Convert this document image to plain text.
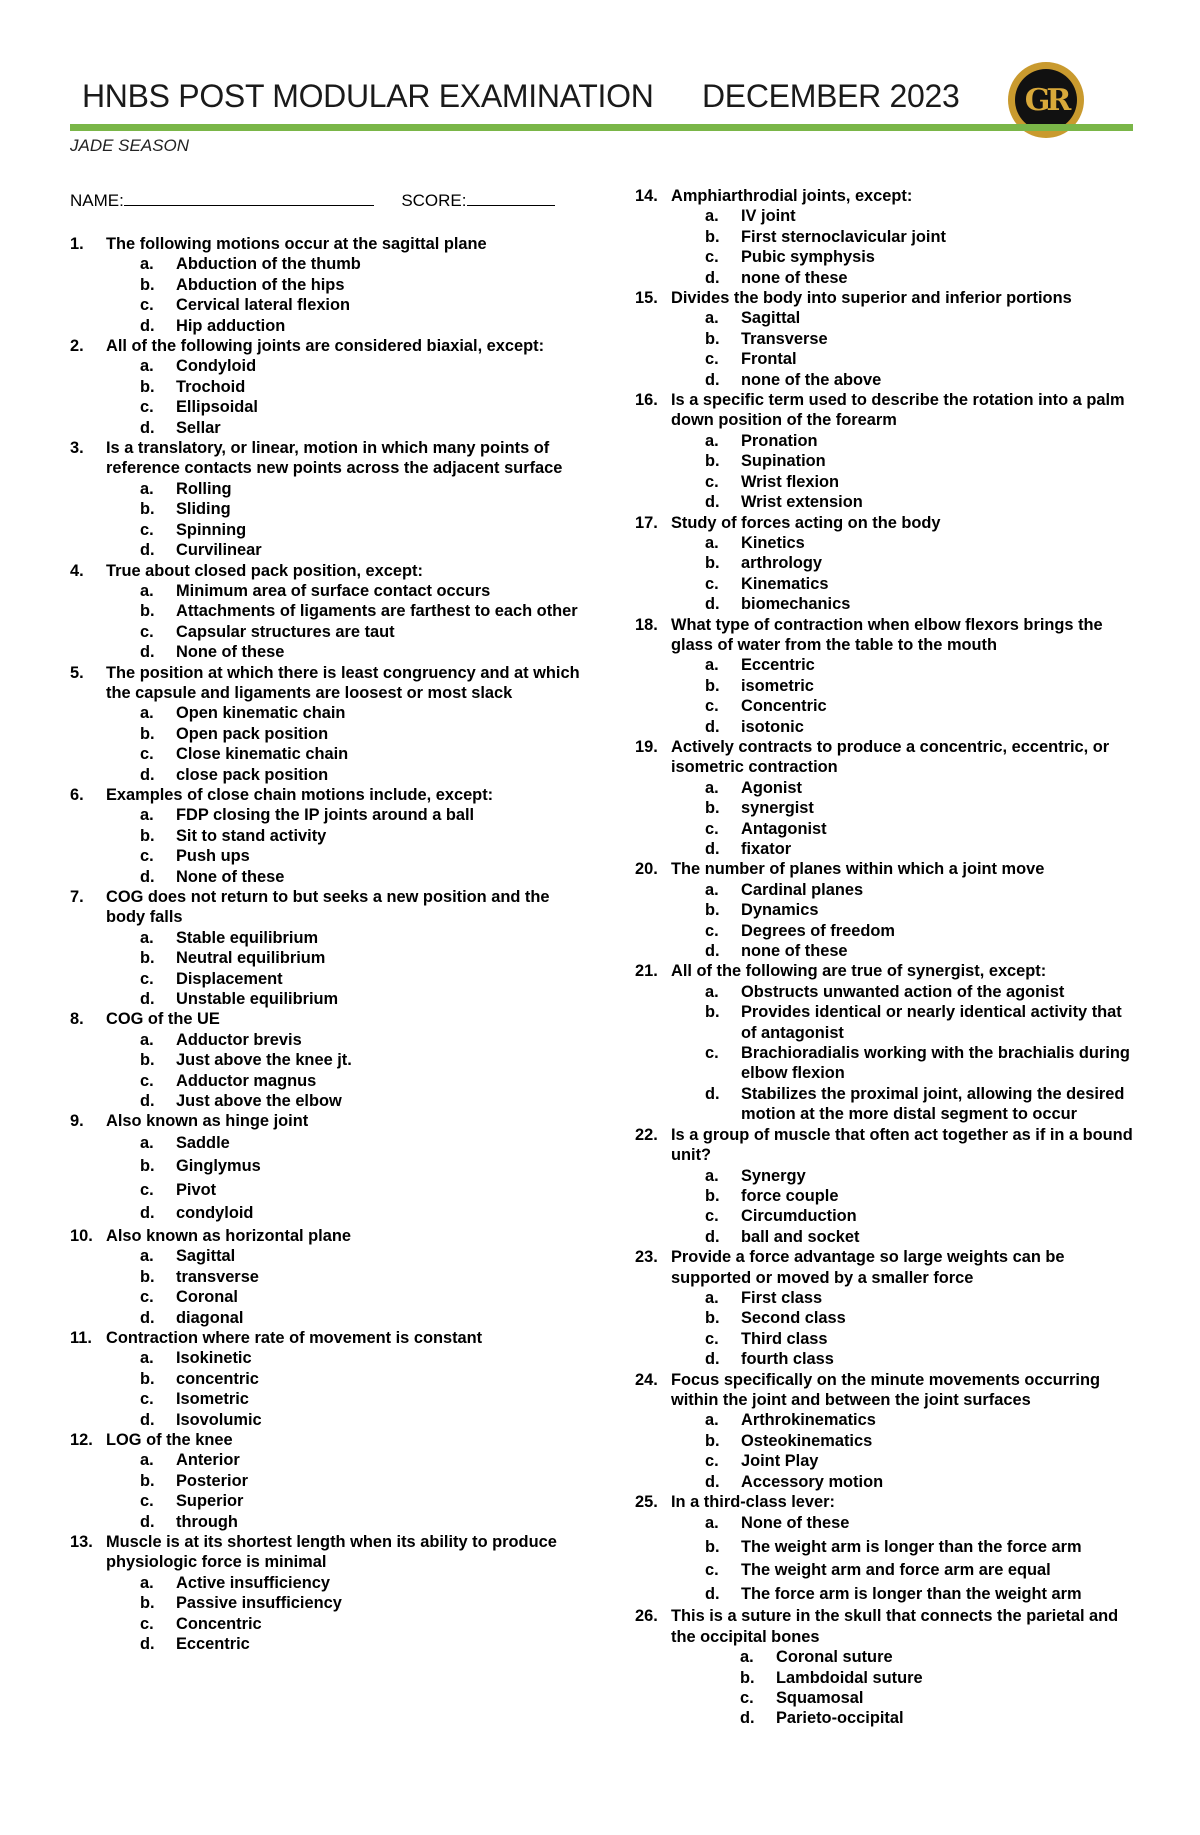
HNBS POST MODULAR EXAMINATION DECEMBER 2023	GR
JADE SEASON
NAME:	SCORE:
1.	The following motions occur at the sagittal plane
a.	Abduction of the thumb
b.	Abduction of the hips
c.	Cervical lateral flexion
d.	Hip adduction
2.	All of the following joints are considered biaxial, except:
a.	Condyloid
b.	Trochoid
c.	Ellipsoidal
d.	Sellar
3.	Is a translatory, or linear, motion in which many points of reference contacts new points across the adjacent surface
a.	Rolling
b.	Sliding
c.	Spinning
d.	Curvilinear
4.	True about closed pack position, except:
a.	Minimum area of surface contact occurs
b.	Attachments of ligaments are farthest to each other
c.	Capsular structures are taut
d.	None of these
5.	The position at which there is least congruency and at which the capsule and ligaments are loosest or most slack
a.	Open kinematic chain
b.	Open pack position
c.	Close kinematic chain
d.	close pack position
6.	Examples of close chain motions include, except:
a.	FDP closing the IP joints around a ball
b.	Sit to stand activity
c.	Push ups
d.	None of these
7.	COG does not return to but seeks a new position and the body falls
a.	Stable equilibrium
b.	Neutral equilibrium
c.	Displacement
d.	Unstable equilibrium
8.	COG of the UE
a.	Adductor brevis
b.	Just above the knee jt.
c.	Adductor magnus
d.	Just above the elbow
9.	Also known as hinge joint
a.	Saddle
b.	Ginglymus
c.	Pivot
d.	condyloid
10. Also known as horizontal plane
a.	Sagittal
b.	transverse
c.	Coronal
d.	diagonal
11. Contraction where rate of movement is constant
a.	Isokinetic
b.	concentric
c.	Isometric
d.	Isovolumic
12. LOG of the knee
a.	Anterior
b.	Posterior
c.	Superior
d.	through
13. Muscle is at its shortest length when its ability to produce physiologic force is minimal
a.	Active insufficiency
b.	Passive insufficiency
c.	Concentric
d.	Eccentric
14. Amphiarthrodial joints, except:
a.	IV joint
b.	First sternoclavicular joint
c.	Pubic symphysis
d.	none of these
15. Divides the body into superior and inferior portions
a.	Sagittal
b.	Transverse
c.	Frontal
d.	none of the above
16. Is a specific term used to describe the rotation into a palm down position of the forearm
a.	Pronation
b.	Supination
c.	Wrist flexion
d.	Wrist extension
17. Study of forces acting on the body
a.	Kinetics
b.	arthrology
c.	Kinematics
d.	biomechanics
18. What type of contraction when elbow flexors brings the glass of water from the table to the mouth
a.	Eccentric
b.	isometric
c.	Concentric
d.	isotonic
19. Actively contracts to produce a concentric, eccentric, or isometric contraction
a.	Agonist
b.	synergist
c.	Antagonist
d.	fixator
20. The number of planes within which a joint move
a.	Cardinal planes
b.	Dynamics
c.	Degrees of freedom
d.	none of these
21. All of the following are true of synergist, except:
a.	Obstructs unwanted action of the agonist
b.	Provides identical or nearly identical activity that of antagonist
c.	Brachioradialis working with the brachialis during elbow flexion
d.	Stabilizes the proximal joint, allowing the desired motion at the more distal segment to occur
22. Is a group of muscle that often act together as if in a bound unit?
a.	Synergy
b.	force couple
c.	Circumduction
d.	ball and socket
23. Provide a force advantage so large weights can be supported or moved by a smaller force
a.	First class
b.	Second class
c.	Third class
d.	fourth class
24. Focus specifically on the minute movements occurring within the joint and between the joint surfaces
a.	Arthrokinematics
b.	Osteokinematics
c.	Joint Play
d.	Accessory motion
25. In a third-class lever:
a.	None of these
b.	The weight arm is longer than the force arm
c.	The weight arm and force arm are equal
d.	The force arm is longer than the weight arm
26. This is a suture in the skull that connects the parietal and the occipital bones
a.	Coronal suture
b.	Lambdoidal suture
c.	Squamosal
d.	Parieto-occipital
